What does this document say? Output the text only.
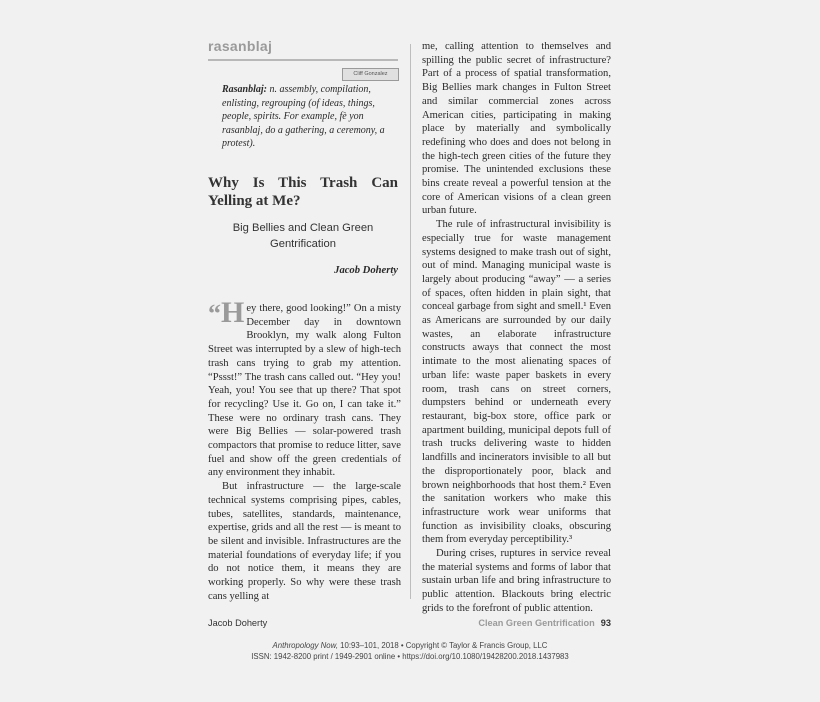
rasanblaj
Cliff Gonzalez
Rasanblaj: n. assembly, compilation, enlisting, regrouping (of ideas, things, people, spirits. For example, fè yon rasanblaj, do a gathering, a ceremony, a protest).
Why Is This Trash Can Yelling at Me?
Big Bellies and Clean Green Gentrification
Jacob Doherty

“H ey there, good looking!” On a misty December day in downtown Brooklyn, my walk along Fulton Street was interrupted by a slew of high-tech trash cans trying to grab my attention. “Pssst!” The trash cans called out. “Hey you! Yeah, you! You see that up there? That spot for recycling? Use it. Go on, I can take it.” These were no ordinary trash cans. They were Big Bellies — solar-powered trash compactors that promise to reduce litter, save fuel and show off the green credentials of any environment they inhabit.

But infrastructure — the large-scale technical systems comprising pipes, cables, tubes, satellites, standards, maintenance, expertise, grids and all the rest — is meant to be silent and invisible. Infrastructures are the material foundations of everyday life; if you do not notice them, it means they are working properly. So why were these trash cans yelling at

me, calling attention to themselves and spilling the public secret of infrastructure? Part of a process of spatial transformation, Big Bellies mark changes in Fulton Street and similar commercial zones across American cities, participating in making place by materially and symbolically redefining who does and does not belong in the high-tech green cities of the future they promise. The unintended exclusions these bins create reveal a powerful tension at the core of American visions of a clean green urban future.

The rule of infrastructural invisibility is especially true for waste management systems designed to make trash out of sight, out of mind. Managing municipal waste is largely about producing “away” — a series of spaces, often hidden in plain sight, that conceal garbage from sight and smell.¹ Even as Americans are surrounded by our daily wastes, an elaborate infrastructure constructs aways that connect the most intimate to the most alienating spaces of urban life: waste paper baskets in every room, trash cans on street corners, dumpsters behind or underneath every restaurant, big-box store, office park or apartment building, municipal depots full of trash trucks delivering waste to hidden landfills and incinerators invisible to all but the disproportionately poor, black and brown neighborhoods that host them.² Even the sanitation workers who make this infrastructure work wear uniforms that function as invisibility cloaks, obscuring them from everyday perceptibility.³

During crises, ruptures in service reveal the material systems and forms of labor that sustain urban life and bring infrastructure to public attention. Blackouts bring electric grids to the forefront of public attention.

Jacob Doherty	Clean Green Gentrification 93
Anthropology Now, 10:93–101, 2018 • Copyright © Taylor & Francis Group, LLC
ISSN: 1942-8200 print / 1949-2901 online • https://doi.org/10.1080/19428200.2018.1437983
